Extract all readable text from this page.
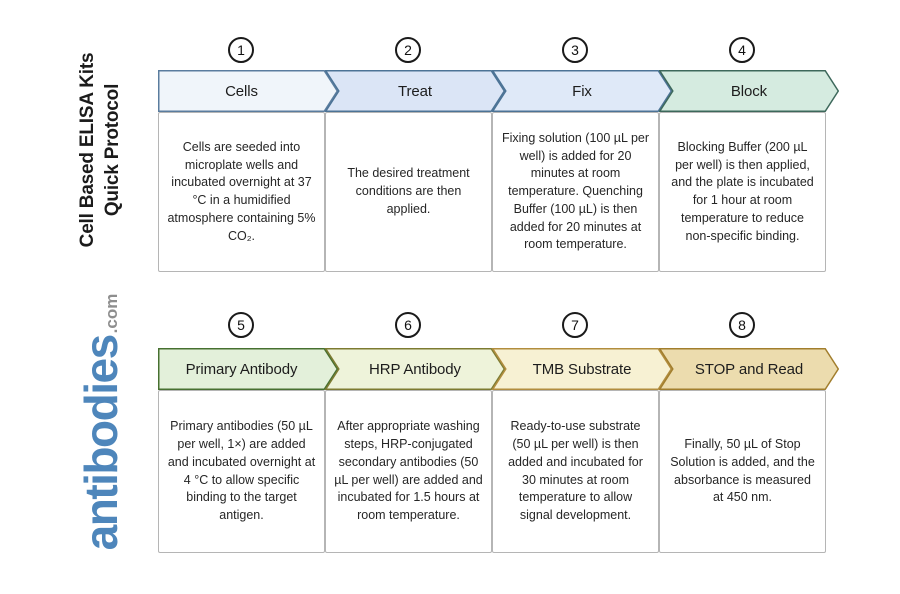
Cell Based ELISA Kits Quick Protocol
antibodies
.com
1	2	3	4
Cells	Treat	Fix	Block

Cells are seeded into microplate wells and incubated overnight at 37 °C in a humidified atmosphere containing 5% CO₂.

The desired treatment conditions are then applied.

Fixing solution (100 µL per well) is added for 20 minutes at room temperature. Quenching Buffer (100 µL) is then added for 20 minutes at room temperature.

Blocking Buffer (200 µL per well) is then applied, and the plate is incubated for 1 hour at room temperature to reduce non-specific binding.

5	6	7	8
Primary Antibody	HRP Antibody	TMB Substrate	STOP and Read

Primary antibodies (50 µL per well, 1×) are added and incubated overnight at 4 °C to allow specific binding to the target antigen.

After appropriate washing steps, HRP-conjugated secondary antibodies (50 µL per well) are added and incubated for 1.5 hours at room temperature.

Ready-to-use substrate (50 µL per well) is then added and incubated for 30 minutes at room temperature to allow signal development.

Finally, 50 µL of Stop Solution is added, and the absorbance is measured at 450 nm.
